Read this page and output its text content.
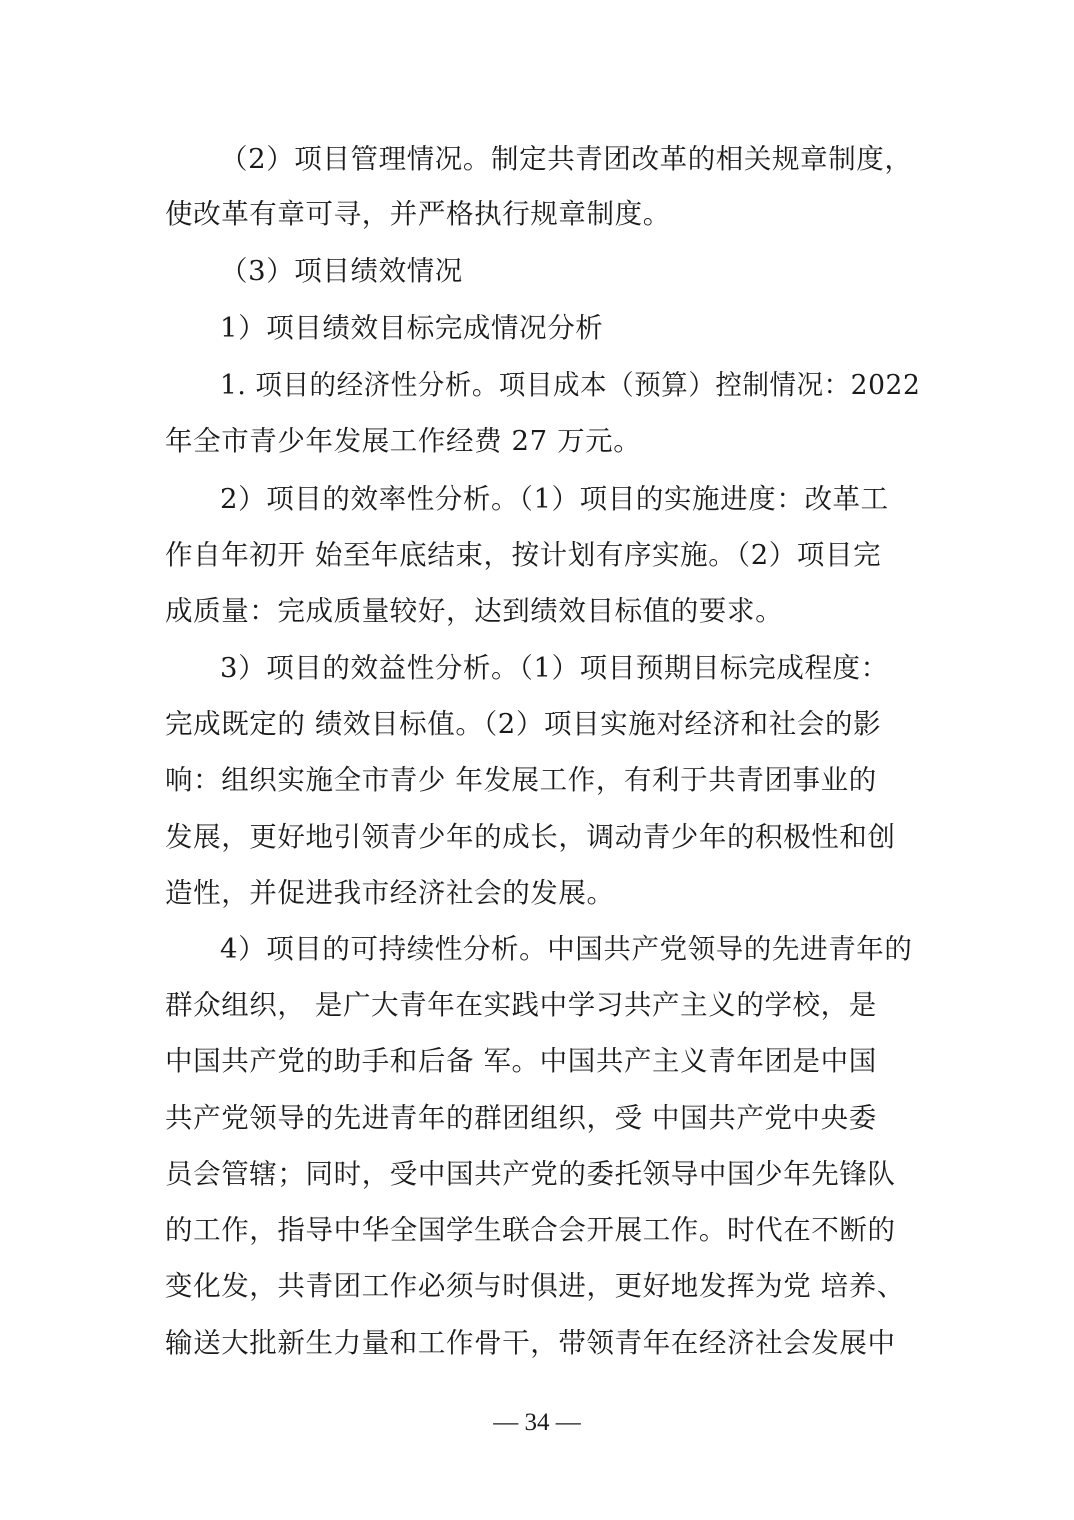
（2）项目管理情况。制定共青团改革的相关规章制度，
使改革有章可寻，并严格执行规章制度。
（3）项目绩效情况
1）项目绩效目标完成情况分析
1. 项目的经济性分析。项目成本（预算）控制情况：2022
年全市青少年发展工作经费 27 万元。
2）项目的效率性分析。（1）项目的实施进度：改革工
作自年初开 始至年底结束，按计划有序实施。（2）项目完
成质量：完成质量较好，达到绩效目标值的要求。
3）项目的效益性分析。（1）项目预期目标完成程度：
完成既定的 绩效目标值。（2）项目实施对经济和社会的影
响：组织实施全市青少 年发展工作，有利于共青团事业的
发展，更好地引领青少年的成长，调动青少年的积极性和创
造性，并促进我市经济社会的发展。
4）项目的可持续性分析。中国共产党领导的先进青年的
群众组织， 是广大青年在实践中学习共产主义的学校，是
中国共产党的助手和后备 军。中国共产主义青年团是中国
共产党领导的先进青年的群团组织，受 中国共产党中央委
员会管辖；同时，受中国共产党的委托领导中国少年先锋队
的工作，指导中华全国学生联合会开展工作。时代在不断的
变化发，共青团工作必须与时俱进，更好地发挥为党 培养、
输送大批新生力量和工作骨干，带领青年在经济社会发展中
— 34 —
